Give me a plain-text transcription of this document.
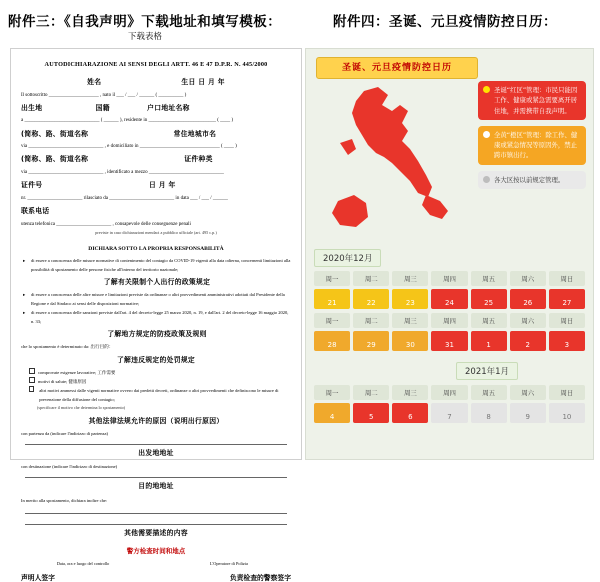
附件三：《自我声明》下载地址和填写模板：
下载表格
附件四：圣诞、元旦疫情防控日历：
AUTODICHIARAZIONE AI SENSI DEGLI ARTT. 46 E 47 D.P.R. N. 445/2000
姓名	生日 日 月 年
Il sottoscritto ____________________ , nato il ___ / ___ / ______ ( __________ )
出生地	国籍	户口地址名称
a ______________________________ ( ______ ), residente in ___________________________ ( ____ )
(简称、路、街道名称	常住地城市名
via ______________________________ , e domiciliato in ________________________________ ( ____ )
(简称、路、街道名称	证件种类
via ______________________________ , identificato a mezzo ______________________________
证件号	日 月 年
nr. ______________________ rilasciato da __________________________ in data ___ / ___ / ______
联系电话
utenza telefonica ______________________ , consapevole delle conseguenze penali
previste in caso dichiarazioni mendaci a pubblico ufficiale (art. 495 c.p.)
DICHIARA SOTTO LA PROPRIA RESPONSABILITÀ
▸	di essere a conoscenza delle misure normative di contenimento del contagio da COVID-19 vigenti alla data odierna, concernenti limitazioni alla possibilità di spostamento delle persone fisiche all'interno del territorio nazionale;
了解有关限制个人出行的政策规定
▸	di essere a conoscenza delle altre misure e limitazioni previste da ordinanze o altri provvedimenti amministrativi adottati dal Presidente della Regione e dal Sindaco ai sensi delle disposizioni normative;
▸	di essere a conoscenza delle sanzioni previste dall'art. 4 del decreto-legge 25 marzo 2020, n. 19, e dall'art. 2 del decreto-legge 16 maggio 2020, n. 33;
了解地方规定的防疫政策及规则
che lo spostamento è determinato da: 出行目的：
了解违反规定的处罚规定
comprovate esigenze lavorative; 工作需要
motivi di salute; 健康原因
altri motivi ammessi dalle vigenti normative ovvero dai predetti decreti, ordinanze o altri provvedimenti che definiscono le misure di prevenzione della diffusione del contagio;
(specificare il motivo che determina lo spostamento)
其他法律法规允许的原因（说明出行原因）
con partenza da (indicare l'indirizzo di partenza)
出发地地址
con destinazione (indicare l'indirizzo di destinazione)
目的地地址
In merito alla spostamento, dichiara inoltre che:
其他需要描述的内容
警方检查时间和地点
Data, ora e luogo del controllo	L'Operatore di Polizia
声明人签字	负责检查的警察签字
圣诞、元旦疫情防控日历
圣诞“红区”管理：市民只能因工作、健康或紧急需要离开居住地，并需携带自我声明。
全黄“橙区”管理：除工作、健康或紧急情况等原因外，禁止跨市镇出行。
各大区按以前规定管理。
2020年12月
周一	周二	周三	周四	周五	周六	周日
21	22	23	24	25	26	27
周一	周二	周三	周四	周五	周六	周日
28	29	30	31	1	2	3
2021年1月
周一	周二	周三	周四	周五	周六	周日
4	5	6	7	8	9	10
